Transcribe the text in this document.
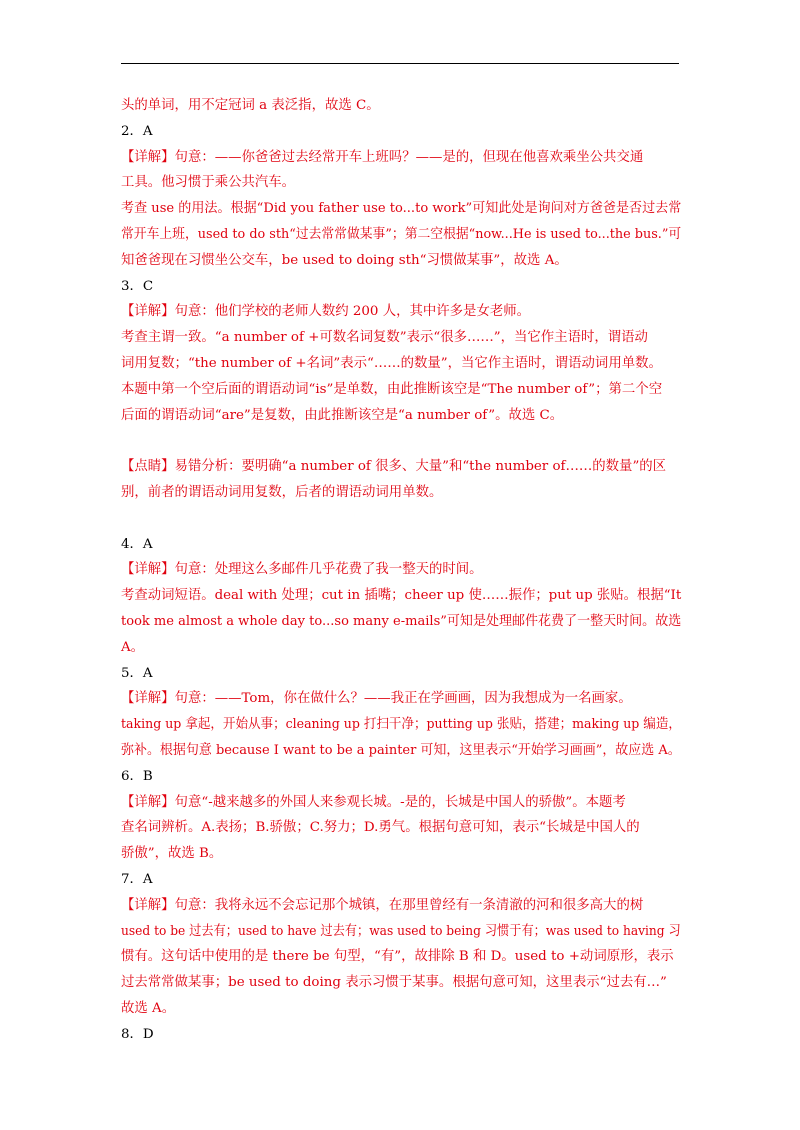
头的单词，用不定冠词 a 表泛指，故选 C。
2．A
【详解】句意：——你爸爸过去经常开车上班吗？——是的，但现在他喜欢乘坐公共交通
工具。他习惯于乘公共汽车。
考查 use 的用法。根据“Did you father use to...to work”可知此处是询问对方爸爸是否过去常
常开车上班，used to do sth“过去常常做某事”；第二空根据“now...He is used to...the bus.”可
知爸爸现在习惯坐公交车，be used to doing sth“习惯做某事”，故选 A。
3．C
【详解】句意：他们学校的老师人数约 200 人，其中许多是女老师。
考查主谓一致。“a number of +可数名词复数”表示“很多……”，当它作主语时，谓语动
词用复数；“the number of +名词”表示“……的数量”，当它作主语时，谓语动词用单数。
本题中第一个空后面的谓语动词“is”是单数，由此推断该空是“The number of”；第二个空
后面的谓语动词“are”是复数，由此推断该空是“a number of”。故选 C。
【点睛】易错分析：要明确“a number of 很多、大量”和“the number of……的数量”的区
别，前者的谓语动词用复数，后者的谓语动词用单数。
4．A
【详解】句意：处理这么多邮件几乎花费了我一整天的时间。
考查动词短语。deal with 处理；cut in 插嘴；cheer up 使……振作；put up 张贴。根据“It
took me almost a whole day to...so many e-mails”可知是处理邮件花费了一整天时间。故选
A。
5．A
【详解】句意：——Tom，你在做什么？——我正在学画画，因为我想成为一名画家。
taking up 拿起，开始从事；cleaning up 打扫干净；putting up 张贴，搭建；making up 编造，
弥补。根据句意 because I want to be a painter 可知，这里表示“开始学习画画”，故应选 A。
6．B
【详解】句意“-越来越多的外国人来参观长城。-是的，长城是中国人的骄傲”。本题考
查名词辨析。A.表扬；B.骄傲；C.努力；D.勇气。根据句意可知，表示“长城是中国人的
骄傲”，故选 B。
7．A
【详解】句意：我将永远不会忘记那个城镇，在那里曾经有一条清澈的河和很多高大的树
used to be 过去有；used to have 过去有；was used to being 习惯于有；was used to having 习
惯有。这句话中使用的是 there be 句型，“有”，故排除 B 和 D。used to +动词原形，表示
过去常常做某事；be used to doing 表示习惯于某事。根据句意可知，这里表示“过去有…”
故选 A。
8．D
